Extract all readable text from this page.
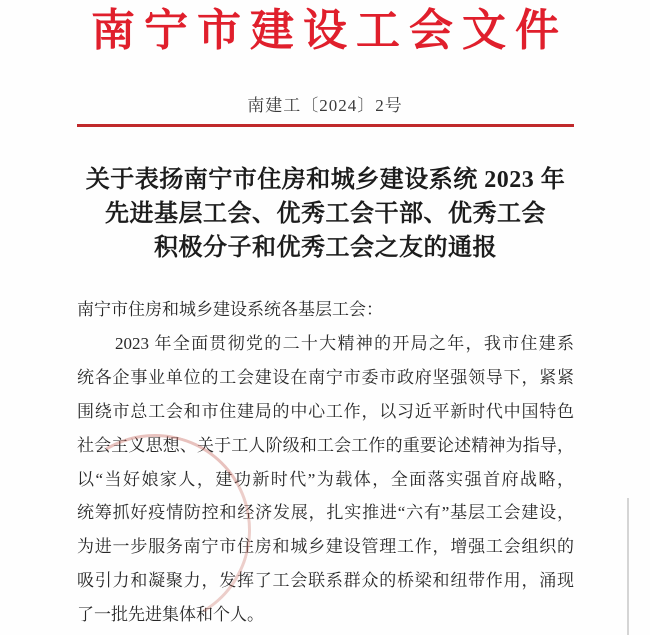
南宁市建设工会文件
南建工〔2024〕2号
关于表扬南宁市住房和城乡建设系统 2023 年
先进基层工会、优秀工会干部、优秀工会
积极分子和优秀工会之友的通报
南宁市住房和城乡建设系统各基层工会：
2023 年全面贯彻党的二十大精神的开局之年，我市住建系
统各企事业单位的工会建设在南宁市委市政府坚强领导下，紧紧
围绕市总工会和市住建局的中心工作，以习近平新时代中国特色
社会主义思想、关于工人阶级和工会工作的重要论述精神为指导，
以“当好娘家人，建功新时代”为载体，全面落实强首府战略，
统筹抓好疫情防控和经济发展，扎实推进“六有”基层工会建设，
为进一步服务南宁市住房和城乡建设管理工作，增强工会组织的
吸引力和凝聚力，发挥了工会联系群众的桥梁和纽带作用，涌现
了一批先进集体和个人。
